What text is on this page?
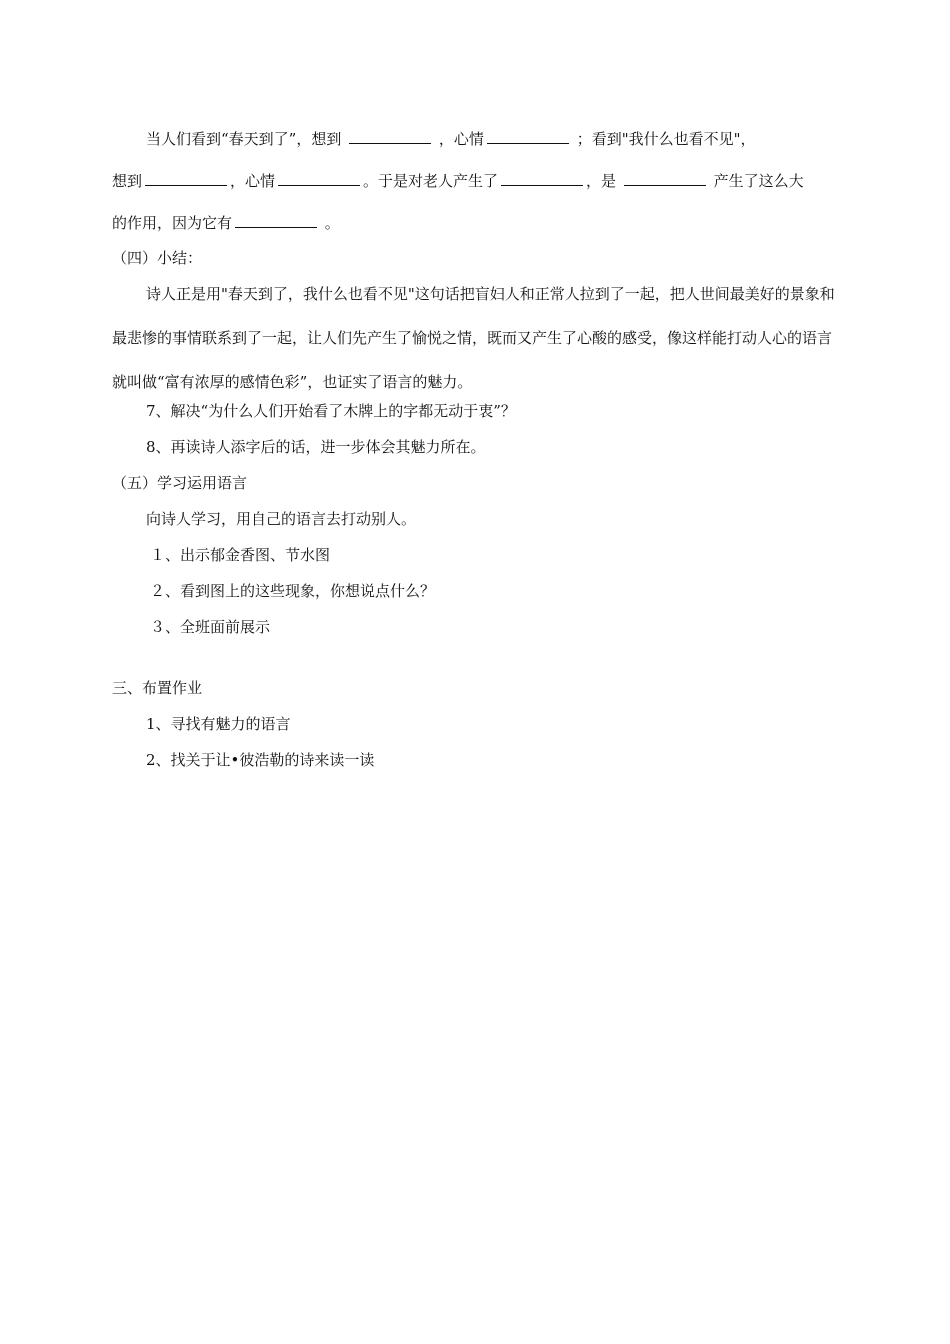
当人们看到“春天到了”，想到	，心情	；看到"我什么也看不见"，
想到	，心情	。于是对老人产生了	，是	产生了这么大
的作用，因为它有	。
（四）小结：

诗人正是用"春天到了，我什么也看不见"这句话把盲妇人和正常人拉到了一起，把人世间最美好的景象和最悲惨的事情联系到了一起，让人们先产生了愉悦之情，既而又产生了心酸的感受，像这样能打动人心的语言就叫做“富有浓厚的感情色彩”，也证实了语言的魅力。

7、解决“为什么人们开始看了木牌上的字都无动于衷”？
8、再读诗人添字后的话，进一步体会其魅力所在。
（五）学习运用语言
向诗人学习，用自己的语言去打动别人。
１、出示郁金香图、节水图
２、看到图上的这些现象，你想说点什么？
３、全班面前展示
三、布置作业
1、寻找有魅力的语言
2、找关于让•彼浩勒的诗来读一读
